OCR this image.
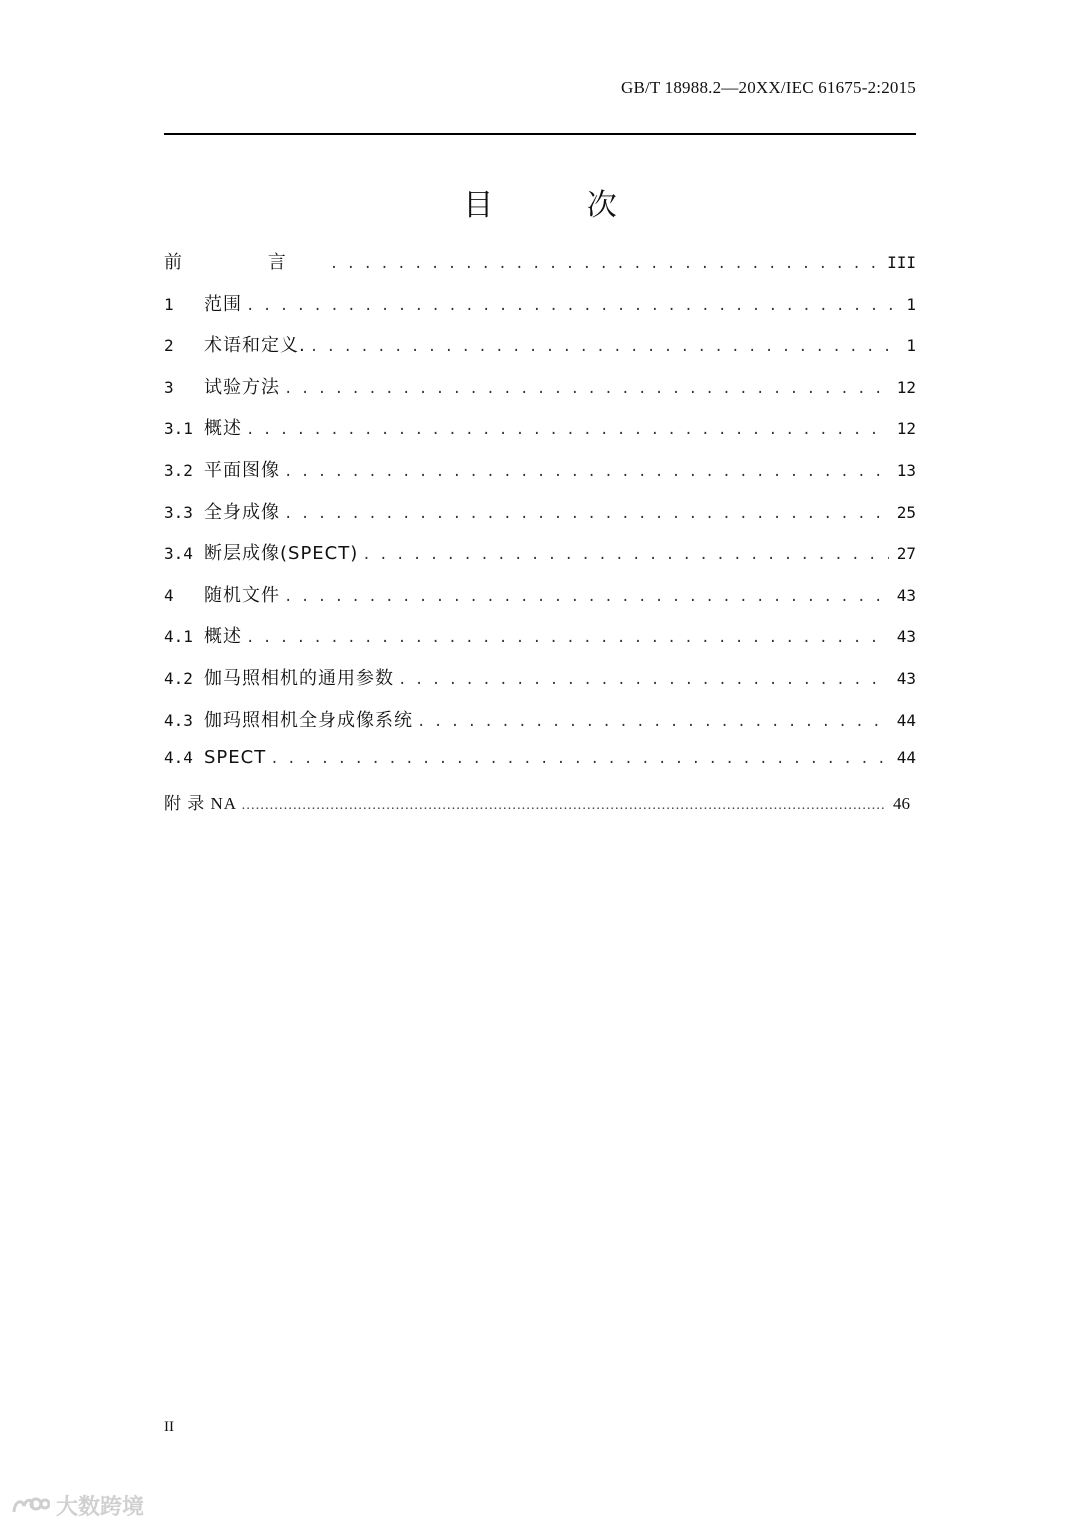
GB/T 18988.2—20XX/IEC 61675-2:2015
目 次
前 言 . . .	III
1	范围 . . .	1
2	术语和定义. . . .	1
3	试验方法 . . .	12
3.1 概述 . . .	12
3.2 平面图像 . . .	13
3.3 全身成像 . . .	25
3.4 断层成像(SPECT) . . .	27
4	随机文件 . . .	43
4.1 概述 . . .	43
4.2 伽马照相机的通用参数 . . .	43
4.3 伽玛照相机全身成像系统 . . .	44
4.4 SPECT . . .	44
附 录 NA …………………………………………………………………………………………………………………………	46
II
大数跨境
